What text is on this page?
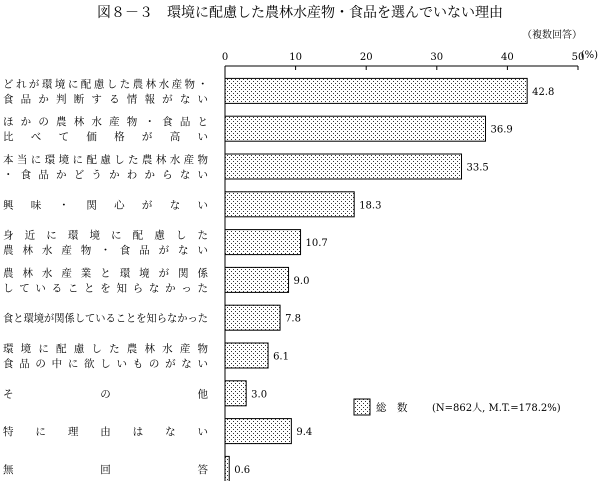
図８－３　環境に配慮した農林水産物・食品を選んでいない理由
（複数回答）
(%)
0	10	20	30	40	50
42.8
どれが環境に配慮した農林水産物・
食品か判断する情報がない
36.9
ほかの農林水産物・食品と
比べて価格が高い
33.5
本当に環境に配慮した農林水産物
・食品かどうかわからない
18.3
興味・関心がない
10.7
身近に環境に配慮した
農林水産物・食品がない
9.0
農林水産業と環境が関係
していることを知らなかった
7.8
食と環境が関係していることを知らなかった
6.1
環境に配慮した農林水産物
食品の中に欲しいものがない
3.0
その他
9.4
特に理由はない
0.6
無回答
総　数 (N=862人, M.T.=178.2%)
